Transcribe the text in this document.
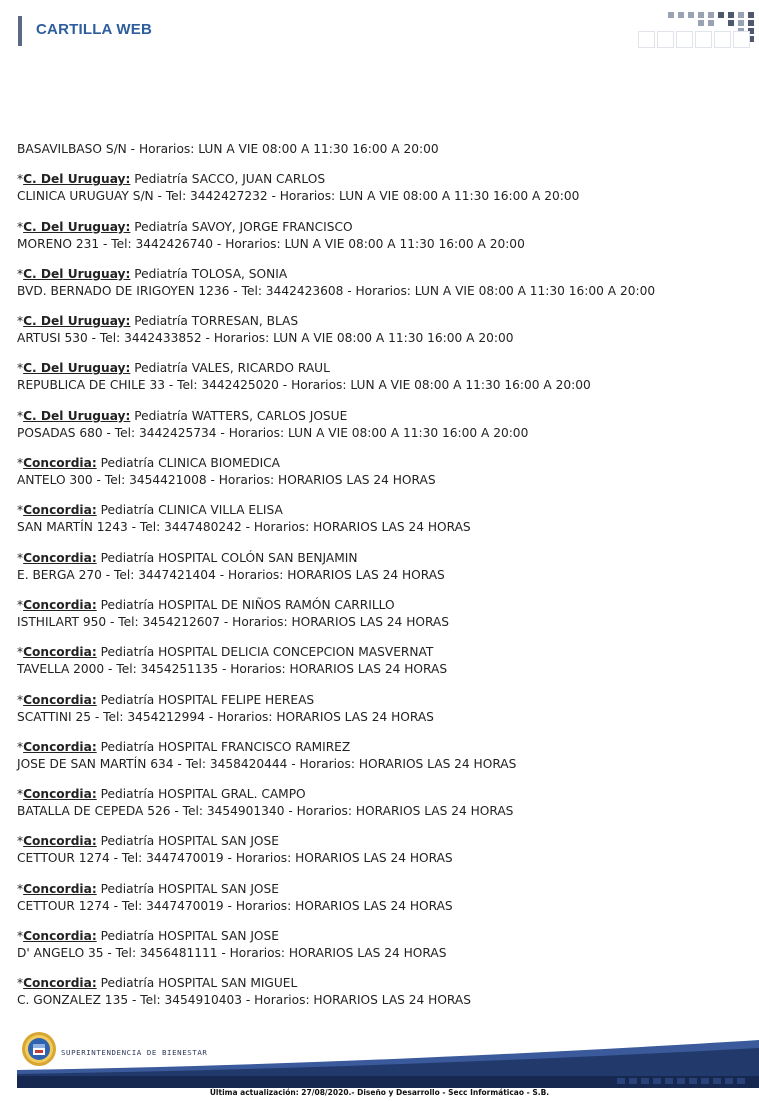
CARTILLA WEB
BASAVILBASO S/N - Horarios: LUN A VIE 08:00 A 11:30 16:00 A 20:00
*C. Del Uruguay: Pediatría SACCO, JUAN CARLOS
CLINICA URUGUAY S/N - Tel: 3442427232 - Horarios: LUN A VIE 08:00 A 11:30 16:00 A 20:00
*C. Del Uruguay: Pediatría SAVOY, JORGE FRANCISCO
MORENO 231 - Tel: 3442426740 - Horarios: LUN A VIE 08:00 A 11:30 16:00 A 20:00
*C. Del Uruguay: Pediatría TOLOSA, SONIA
BVD. BERNADO DE IRIGOYEN 1236 - Tel: 3442423608 - Horarios: LUN A VIE 08:00 A 11:30 16:00 A 20:00
*C. Del Uruguay: Pediatría TORRESAN, BLAS
ARTUSI 530 - Tel: 3442433852 - Horarios: LUN A VIE 08:00 A 11:30 16:00 A 20:00
*C. Del Uruguay: Pediatría VALES, RICARDO RAUL
REPUBLICA DE CHILE 33 - Tel: 3442425020 - Horarios: LUN A VIE 08:00 A 11:30 16:00 A 20:00
*C. Del Uruguay: Pediatría WATTERS, CARLOS JOSUE
POSADAS 680 - Tel: 3442425734 - Horarios: LUN A VIE 08:00 A 11:30 16:00 A 20:00
*Concordia: Pediatría CLINICA BIOMEDICA
ANTELO 300 - Tel: 3454421008 - Horarios: HORARIOS LAS 24 HORAS
*Concordia: Pediatría CLINICA VILLA ELISA
SAN MARTÍN 1243 - Tel: 3447480242 - Horarios: HORARIOS LAS 24 HORAS
*Concordia: Pediatría HOSPITAL COLÓN SAN BENJAMIN
E. BERGA 270 - Tel: 3447421404 - Horarios: HORARIOS LAS 24 HORAS
*Concordia: Pediatría HOSPITAL DE NIÑOS RAMÓN CARRILLO
ISTHILART 950 - Tel: 3454212607 - Horarios: HORARIOS LAS 24 HORAS
*Concordia: Pediatría HOSPITAL DELICIA CONCEPCION MASVERNAT
TAVELLA 2000 - Tel: 3454251135 - Horarios: HORARIOS LAS 24 HORAS
*Concordia: Pediatría HOSPITAL FELIPE HEREAS
SCATTINI 25 - Tel: 3454212994 - Horarios: HORARIOS LAS 24 HORAS
*Concordia: Pediatría HOSPITAL FRANCISCO RAMIREZ
JOSE DE SAN MARTÍN 634 - Tel: 3458420444 - Horarios: HORARIOS LAS 24 HORAS
*Concordia: Pediatría HOSPITAL GRAL. CAMPO
BATALLA DE CEPEDA 526 - Tel: 3454901340 - Horarios: HORARIOS LAS 24 HORAS
*Concordia: Pediatría HOSPITAL SAN JOSE
CETTOUR 1274 - Tel: 3447470019 - Horarios: HORARIOS LAS 24 HORAS
*Concordia: Pediatría HOSPITAL SAN JOSE
CETTOUR 1274 - Tel: 3447470019 - Horarios: HORARIOS LAS 24 HORAS
*Concordia: Pediatría HOSPITAL SAN JOSE
D' ANGELO 35 - Tel: 3456481111 - Horarios: HORARIOS LAS 24 HORAS
*Concordia: Pediatría HOSPITAL SAN MIGUEL
C. GONZALEZ 135 - Tel: 3454910403 - Horarios: HORARIOS LAS 24 HORAS
SUPERINTENDENCIA DE BIENESTAR
Última actualización: 27/08/2020.- Diseño y Desarrollo - Secc Informáticao - S.B.
